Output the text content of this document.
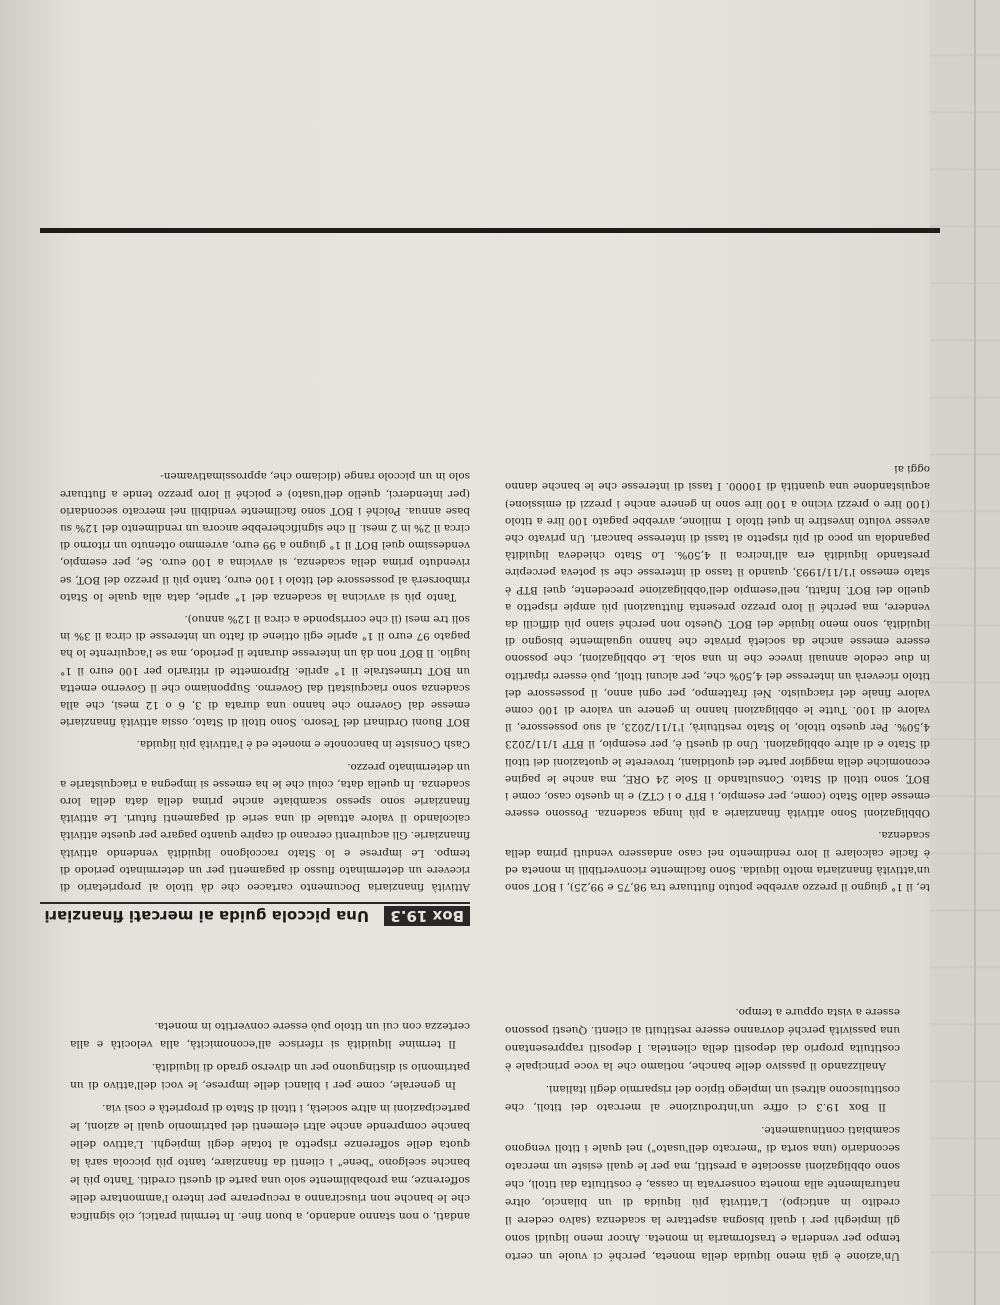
Un'azione è già meno liquida della moneta, perché ci vuole un certo tempo per venderla e trasformarla in moneta. Ancor meno liquidi sono gli impieghi per i quali bisogna aspettare la scadenza (salvo cedere il credito in anticipo). L'attività più liquida di un bilancio, oltre naturalmente alla moneta conservata in cassa, è costituita dai titoli, che sono obbligazioni associate a prestiti, ma per le quali esiste un mercato secondario (una sorta di "mercato dell'usato") nel quale i titoli vengono scambiati continuamente.

Il Box 19.3 ci offre un'introduzione al mercato dei titoli, che costituiscono altresì un impiego tipico del risparmio degli italiani.

Analizzando il passivo delle banche, notiamo che la voce principale è costituita proprio dai depositi della clientela. I depositi rappresentano una passività perché dovranno essere restituiti ai clienti. Questi possono essere a vista oppure a tempo.

andati, o non stanno andando, a buon fine. In termini pratici, ciò significa che le banche non riusciranno a recuperare per intero l'ammontare delle sofferenze, ma probabilmente solo una parte di questi crediti. Tanto più le banche scelgono "bene" i clienti da finanziare, tanto più piccola sarà la quota delle sofferenze rispetto al totale degli impieghi. L'attivo delle banche comprende anche altri elementi del patrimonio quali le azioni, le partecipazioni in altre società, i titoli di Stato di proprietà e così via.

In generale, come per i bilanci delle imprese, le voci dell'attivo di un patrimonio si distinguono per un diverso grado di liquidità.

Il termine liquidità si riferisce all'economicità, alla velocità e alla certezza con cui un titolo può essere convertito in moneta.

Box 19.3 Una piccola guida ai mercati finanziari

te, il 1° giugno il prezzo avrebbe potuto fluttuare tra 98,75 e 99,25), i BOT sono un'attività finanziaria molto liquida. Sono facilmente riconvertibili in moneta ed è facile calcolare il loro rendimento nel caso andassero venduti prima della scadenza.

Obbligazioni Sono attività finanziarie a più lunga scadenza. Possono essere emesse dallo Stato (come, per esempio, i BTP o i CTZ) e in questo caso, come i BOT, sono titoli di Stato. Consultando Il Sole 24 ORE, ma anche le pagine economiche della maggior parte dei quotidiani, troverete le quotazioni dei titoli di Stato e di altre obbligazioni. Uno di questi è, per esempio, il BTP 1/11/2023 4,50%. Per questo titolo, lo Stato restituirà, l'1/11/2023, al suo possessore, il valore di 100. Tutte le obbligazioni hanno in genere un valore di 100 come valore finale del riacquisto. Nel frattempo, per ogni anno, il possessore del titolo riceverà un interesse del 4,50% che, per alcuni titoli, può essere ripartito in due cedole annuali invece che in una sola. Le obbligazioni, che possono essere emesse anche da società private che hanno ugualmente bisogno di liquidità, sono meno liquide dei BOT. Questo non perché siano più difficili da vendere, ma perché il loro prezzo presenta fluttuazioni più ampie rispetto a quello dei BOT. Infatti, nell'esempio dell'obbligazione precedente, quel BTP è stato emesso l'1/11/1993, quando il tasso di interesse che si poteva percepire prestando liquidità era all'incirca il 4,50%. Lo Stato chiedeva liquidità pagandola un poco di più rispetto ai tassi di interesse bancari. Un privato che avesse voluto investire in quel titolo 1 milione, avrebbe pagato 100 lire a titolo (100 lire o prezzi vicino a 100 lire sono in genere anche i prezzi di emissione) acquistandone una quantità di 10000. I tassi di interesse che le banche danno oggi ai

Attività finanziaria Documento cartaceo che dà titolo al proprietario di ricevere un determinato flusso di pagamenti per un determinato periodo di tempo. Le imprese e lo Stato raccolgono liquidità vendendo attività finanziarie. Gli acquirenti cercano di capire quanto pagare per queste attività calcolando il valore attuale di una serie di pagamenti futuri. Le attività finanziarie sono spesso scambiate anche prima della data della loro scadenza. In quella data, colui che le ha emesse si impegna a riacquistarle a un determinato prezzo.

Cash Consiste in banconote e monete ed è l'attività più liquida.

BOT Buoni Ordinari del Tesoro. Sono titoli di Stato, ossia attività finanziarie emesse dal Governo che hanno una durata di 3, 6 o 12 mesi, che alla scadenza sono riacquistati dal Governo. Supponiamo che il Governo emetta un BOT trimestrale il 1° aprile. Ripromette di ritirarlo per 100 euro il 1° luglio. Il BOT non dà un interesse durante il periodo, ma se l'acquirente lo ha pagato 97 euro il 1° aprile egli ottiene di fatto un interesse di circa il 3% in soli tre mesi (il che corrisponde a circa il 12% annuo).

Tanto più si avvicina la scadenza del 1° aprile, data alla quale lo Stato rimborserà al possessore del titolo i 100 euro, tanto più il prezzo del BOT, se rivenduto prima della scadenza, si avvicina a 100 euro. Se, per esempio, vendessimo quel BOT il 1° giugno a 99 euro, avremmo ottenuto un ritorno di circa il 2% in 2 mesi. Il che significherebbe ancora un rendimento del 12% su base annua. Poiché i BOT sono facilmente vendibili nel mercato secondario (per intenderci, quello dell'usato) e poiché il loro prezzo tende a fluttuare solo in un piccolo range (diciamo che, approssimativamen-
